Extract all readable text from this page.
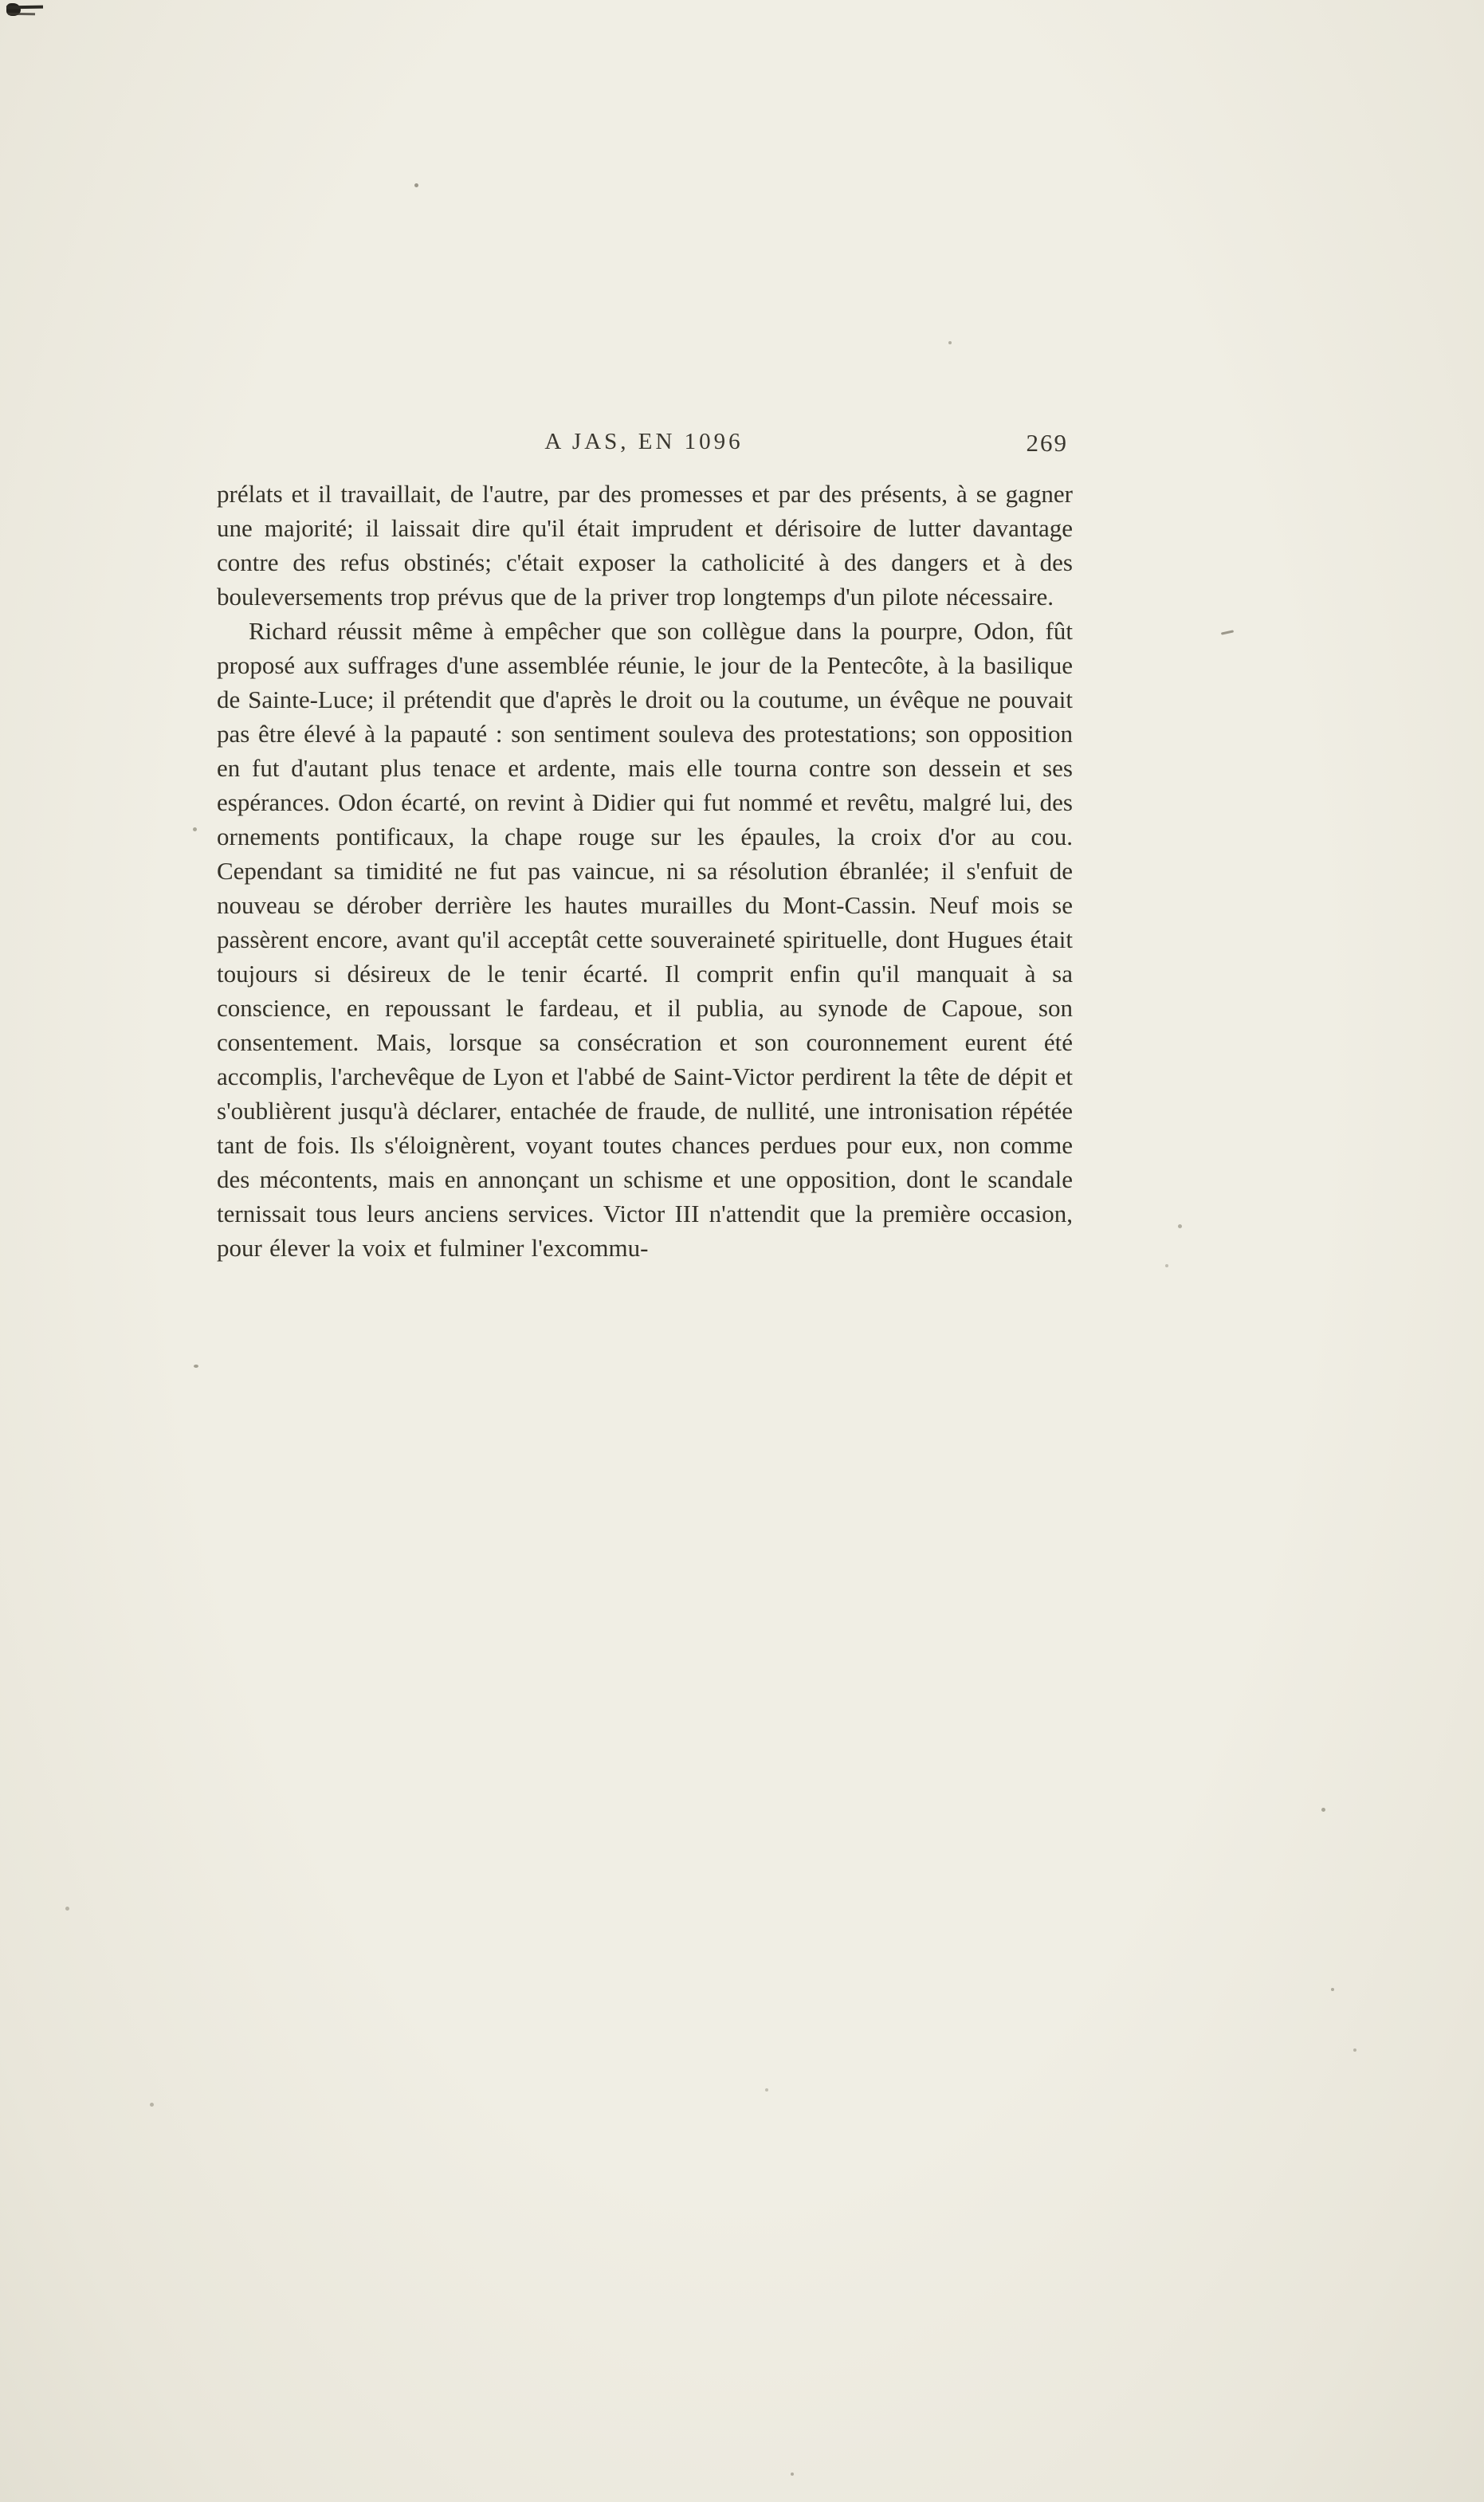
A JAS, EN 1096	269

prélats et il travaillait, de l'autre, par des promesses et par des présents, à se gagner une majorité; il laissait dire qu'il était imprudent et dérisoire de lutter davantage contre des refus obstinés; c'était exposer la catholicité à des dangers et à des bouleversements trop prévus que de la priver trop longtemps d'un pilote nécessaire.

Richard réussit même à empêcher que son collègue dans la pourpre, Odon, fût proposé aux suffrages d'une assemblée réunie, le jour de la Pentecôte, à la basilique de Sainte-Luce; il prétendit que d'après le droit ou la coutume, un évêque ne pouvait pas être élevé à la papauté : son sentiment souleva des protestations; son opposition en fut d'autant plus tenace et ardente, mais elle tourna contre son dessein et ses espérances. Odon écarté, on revint à Didier qui fut nommé et revêtu, malgré lui, des ornements pontificaux, la chape rouge sur les épaules, la croix d'or au cou. Cependant sa timidité ne fut pas vaincue, ni sa résolution ébranlée; il s'enfuit de nouveau se dérober derrière les hautes murailles du Mont-Cassin. Neuf mois se passèrent encore, avant qu'il acceptât cette souveraineté spirituelle, dont Hugues était toujours si désireux de le tenir écarté. Il comprit enfin qu'il manquait à sa conscience, en repoussant le fardeau, et il publia, au synode de Capoue, son consentement. Mais, lorsque sa consécration et son couronnement eurent été accomplis, l'archevêque de Lyon et l'abbé de Saint-Victor perdirent la tête de dépit et s'oublièrent jusqu'à déclarer, entachée de fraude, de nullité, une intronisation répétée tant de fois. Ils s'éloignèrent, voyant toutes chances perdues pour eux, non comme des mécontents, mais en annonçant un schisme et une opposition, dont le scandale ternissait tous leurs anciens services. Victor III n'attendit que la première occasion, pour élever la voix et fulminer l'excommu-
